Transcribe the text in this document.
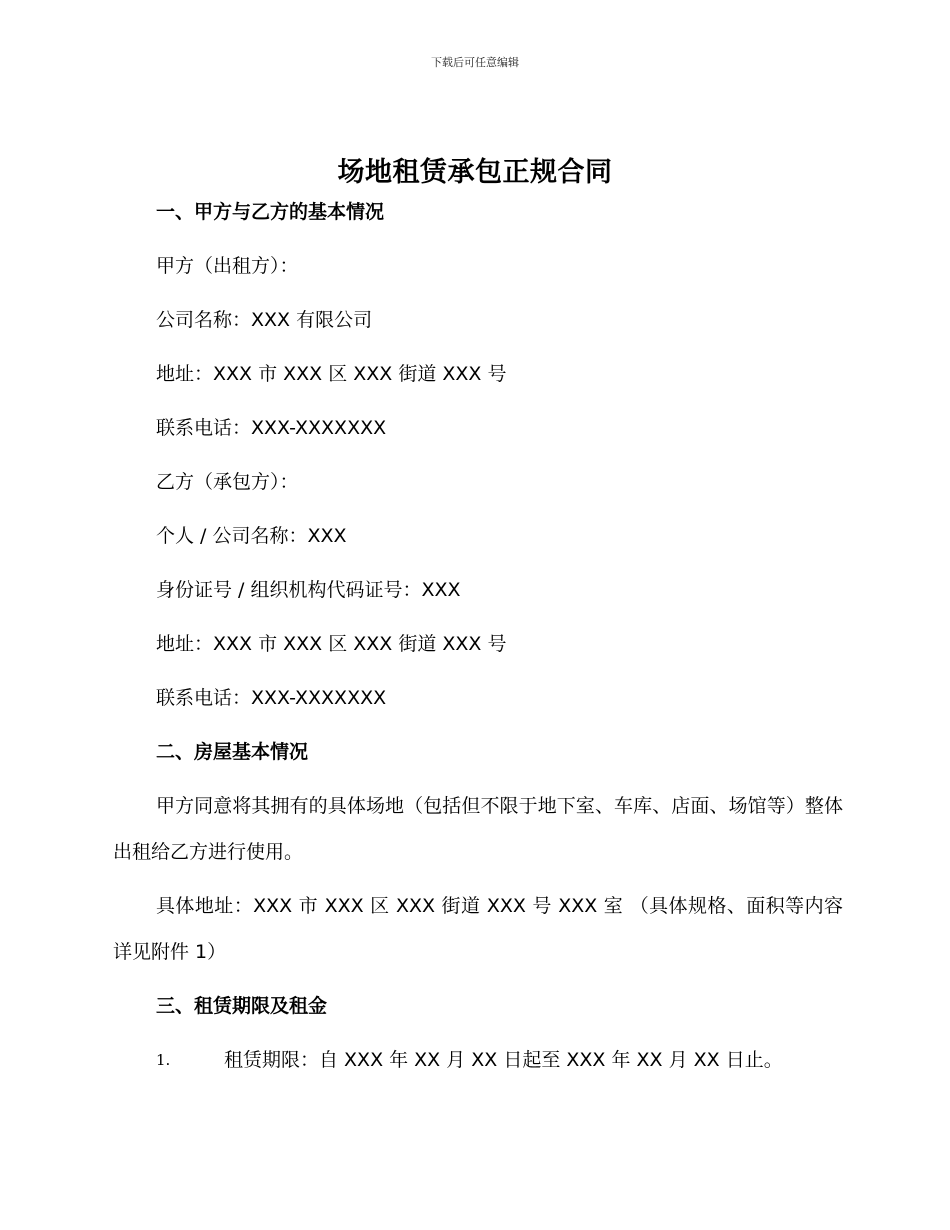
下载后可任意编辑
场地租赁承包正规合同
一、甲方与乙方的基本情况
甲方（出租方）：
公司名称：XXX 有限公司
地址：XXX 市 XXX 区 XXX 街道 XXX 号
联系电话：XXX-XXXXXXX
乙方（承包方）：
个人 / 公司名称：XXX
身份证号 / 组织机构代码证号：XXX
地址：XXX 市 XXX 区 XXX 街道 XXX 号
联系电话：XXX-XXXXXXX
二、房屋基本情况
甲方同意将其拥有的具体场地（包括但不限于地下室、车库、店面、场馆等）整体出租给乙方进行使用。
具体地址：XXX 市 XXX 区 XXX 街道 XXX 号 XXX 室 （具体规格、面积等内容详见附件 1）
三、租赁期限及租金
1.	租赁期限：自 XXX 年 XX 月 XX 日起至 XXX 年 XX 月 XX 日止。
